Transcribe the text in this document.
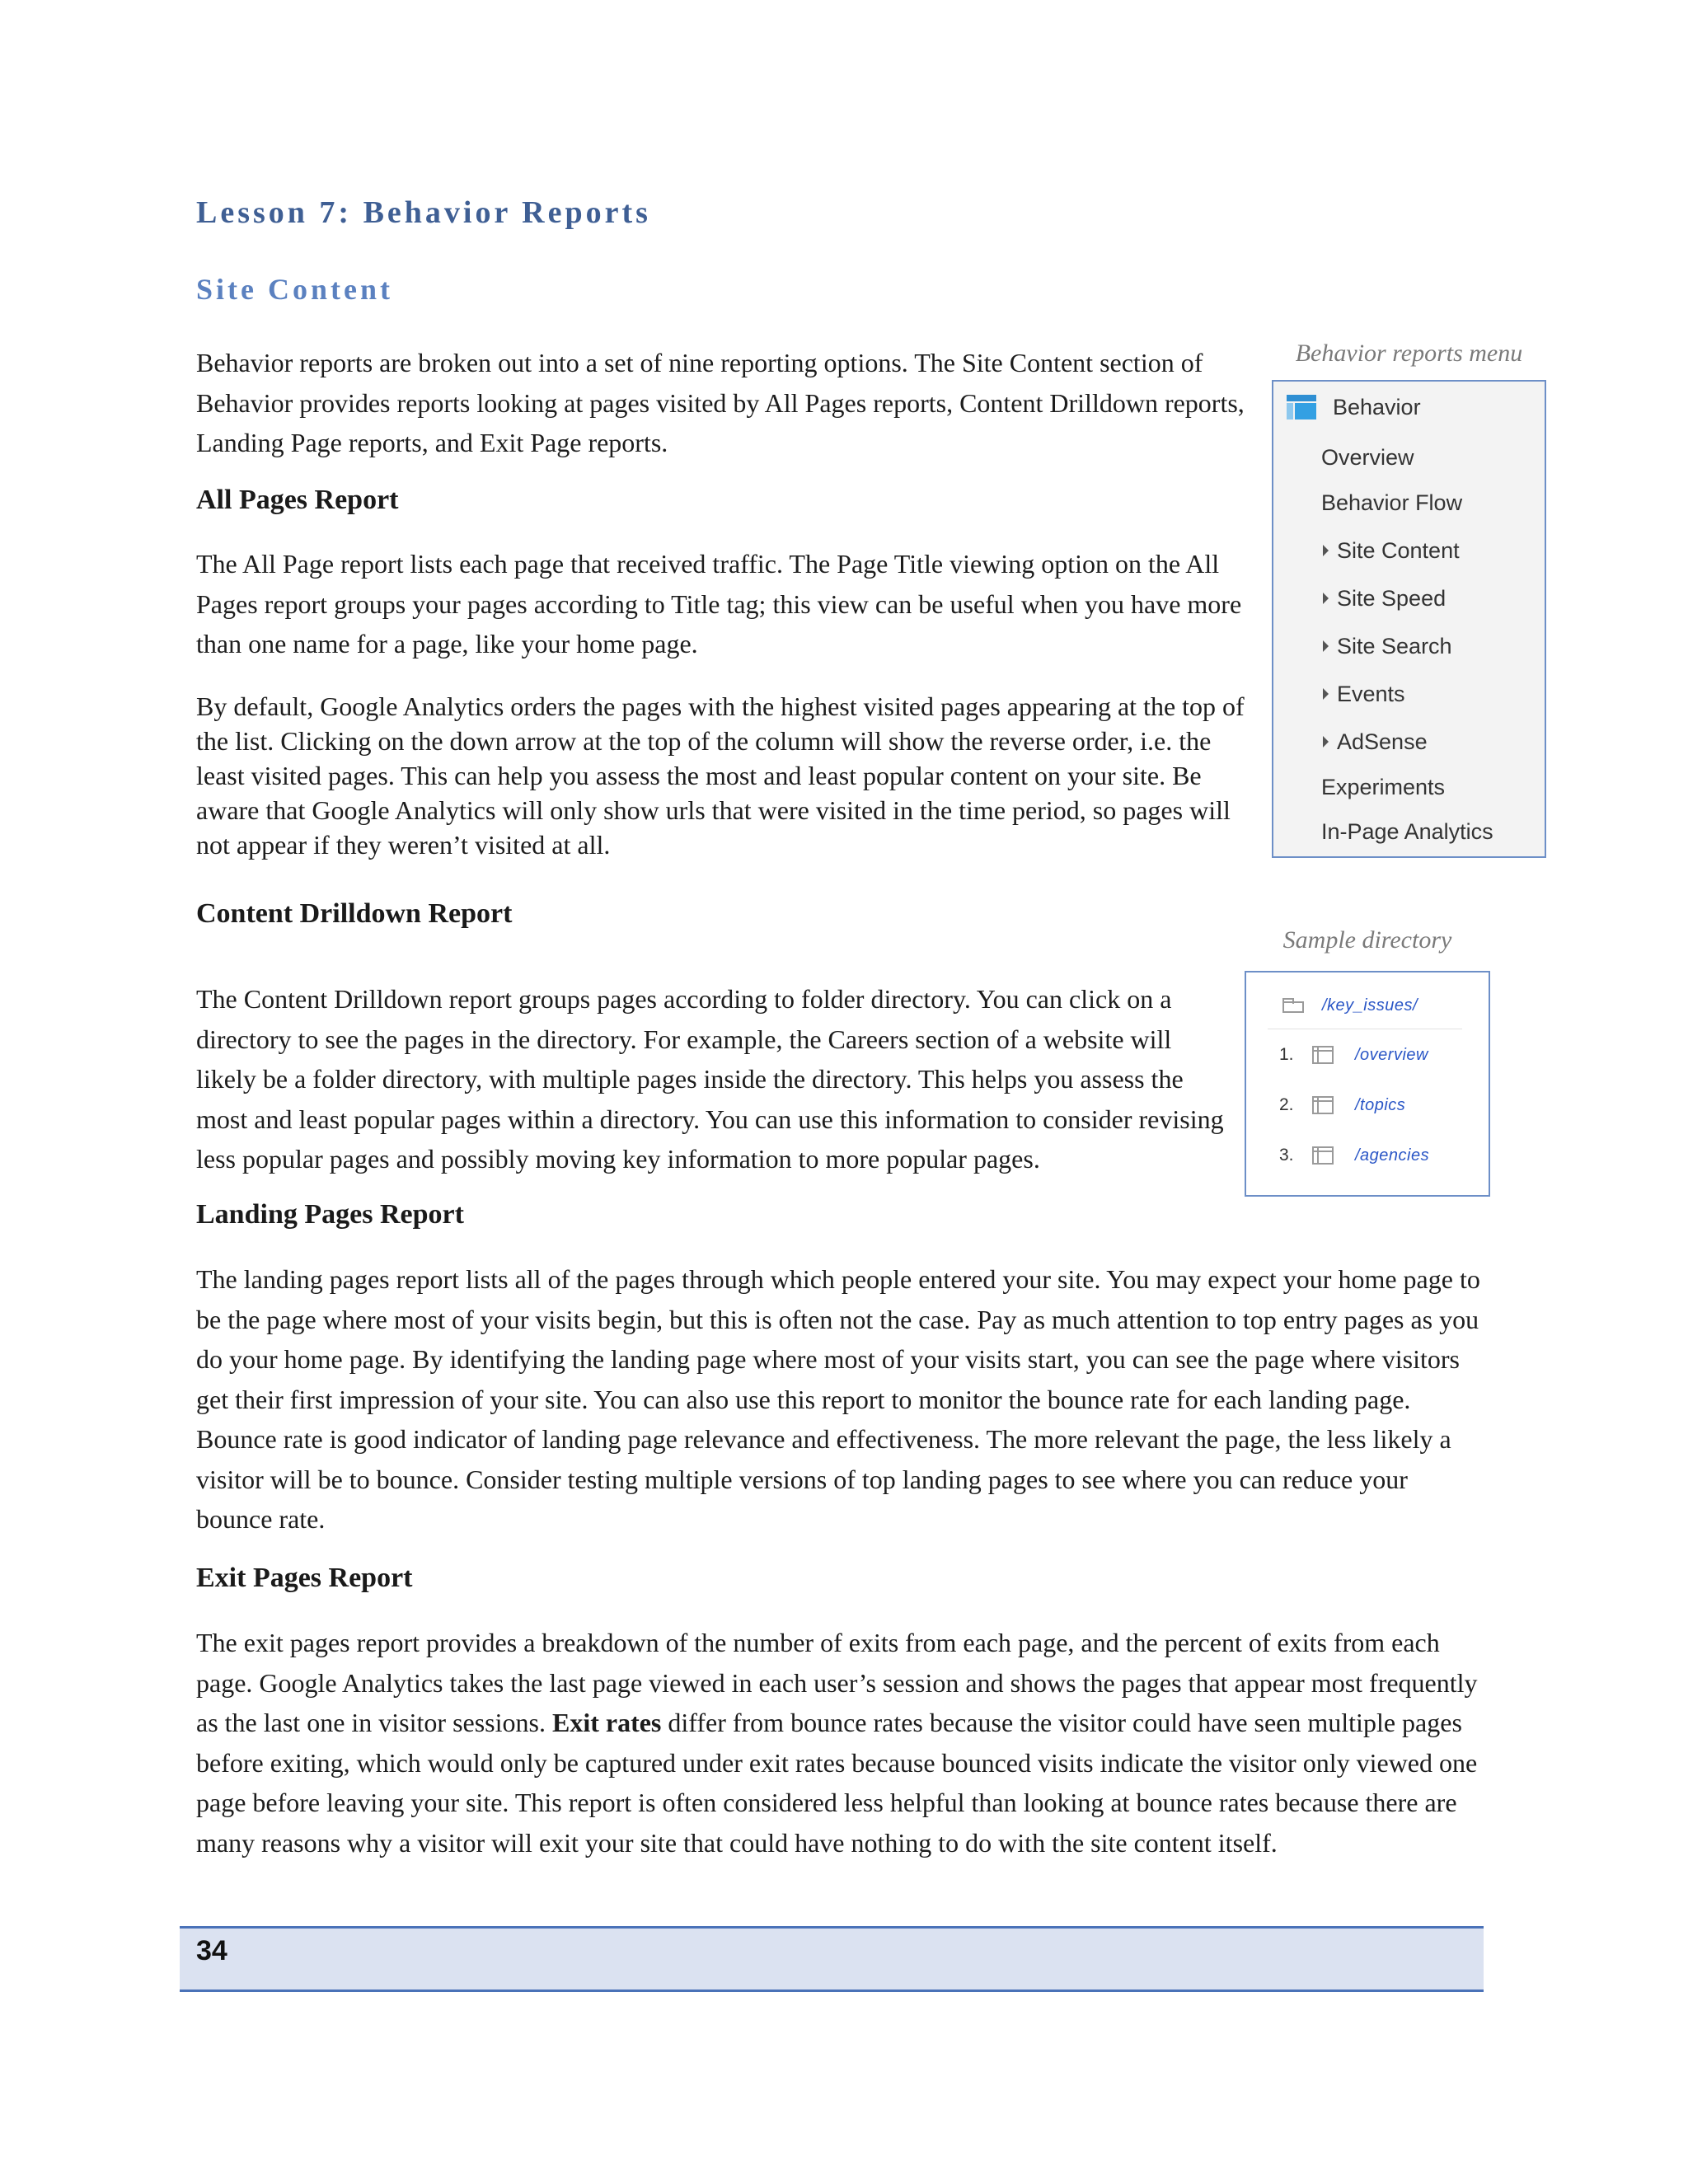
Lesson 7: Behavior Reports
Site Content
Behavior reports are broken out into a set of nine reporting options. The Site Content section of Behavior provides reports looking at pages visited by All Pages reports, Content Drilldown reports, Landing Page reports, and Exit Page reports.
All Pages Report
The All Page report lists each page that received traffic. The Page Title viewing option on the All Pages report groups your pages according to Title tag; this view can be useful when you have more than one name for a page, like your home page.
By default, Google Analytics orders the pages with the highest visited pages appearing at the top of the list. Clicking on the down arrow at the top of the column will show the reverse order, i.e. the least visited pages. This can help you assess the most and least popular content on your site. Be aware that Google Analytics will only show urls that were visited in the time period, so pages will not appear if they weren’t visited at all.
Content Drilldown Report
The Content Drilldown report groups pages according to folder directory. You can click on a directory to see the pages in the directory. For example, the Careers section of a website will likely be a folder directory, with multiple pages inside the directory. This helps you assess the most and least popular pages within a directory. You can use this information to consider revising less popular pages and possibly moving key information to more popular pages.
Landing Pages Report
The landing pages report lists all of the pages through which people entered your site. You may expect your home page to be the page where most of your visits begin, but this is often not the case. Pay as much attention to top entry pages as you do your home page. By identifying the landing page where most of your visits start, you can see the page where visitors get their first impression of your site. You can also use this report to monitor the bounce rate for each landing page. Bounce rate is good indicator of landing page relevance and effectiveness. The more relevant the page, the less likely a visitor will be to bounce. Consider testing multiple versions of top landing pages to see where you can reduce your bounce rate.
Exit Pages Report
The exit pages report provides a breakdown of the number of exits from each page, and the percent of exits from each page. Google Analytics takes the last page viewed in each user’s session and shows the pages that appear most frequently as the last one in visitor sessions. Exit rates differ from bounce rates because the visitor could have seen multiple pages before exiting, which would only be captured under exit rates because bounced visits indicate the visitor only viewed one page before leaving your site. This report is often considered less helpful than looking at bounce rates because there are many reasons why a visitor will exit your site that could have nothing to do with the site content itself.
Behavior reports menu
Behavior
Overview
Behavior Flow
Site Content
Site Speed
Site Search
Events
AdSense
Experiments
In-Page Analytics
Sample directory
/key_issues/
1.	/overview
2.	/topics
3.	/agencies
34
